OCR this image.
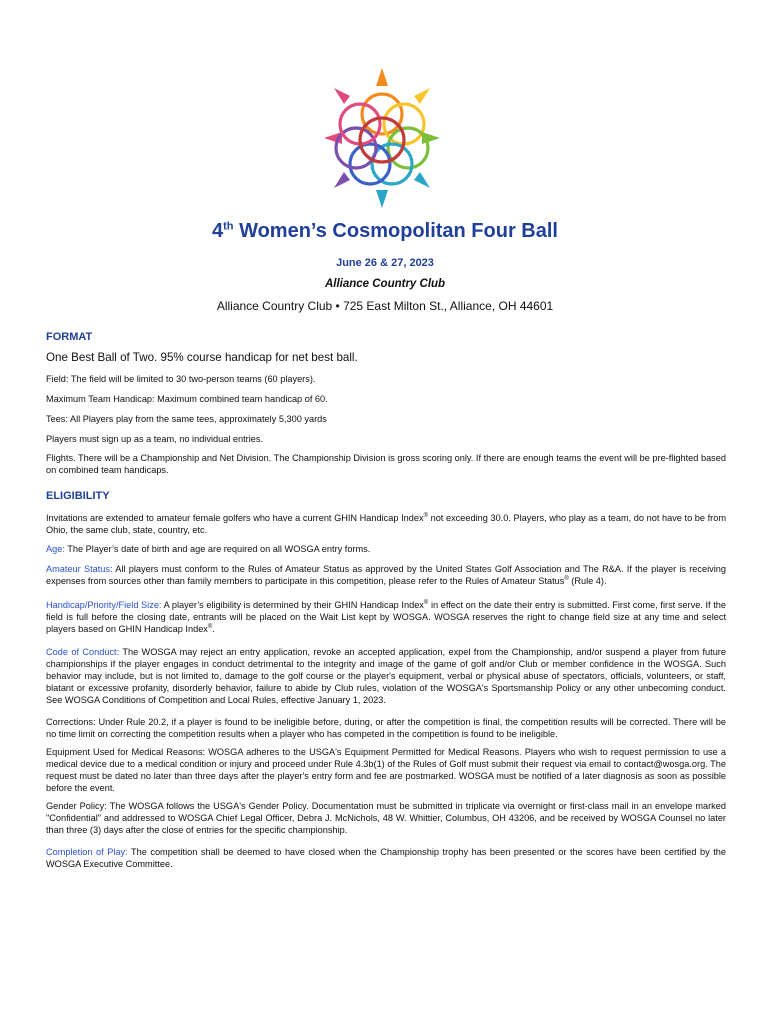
4th Women’s Cosmopolitan Four Ball
June 26 & 27, 2023
Alliance Country Club
Alliance Country Club • 725 East Milton St., Alliance, OH 44601
FORMAT
One Best Ball of Two. 95% course handicap for net best ball.
Field: The field will be limited to 30 two-person teams (60 players).
Maximum Team Handicap: Maximum combined team handicap of 60.
Tees: All Players play from the same tees, approximately 5,300 yards
Players must sign up as a team, no individual entries.
Flights. There will be a Championship and Net Division. The Championship Division is gross scoring only. If there are enough teams the event will be pre-flighted based on combined team handicaps.
ELIGIBILITY
Invitations are extended to amateur female golfers who have a current GHIN Handicap Index® not exceeding 30.0. Players, who play as a team, do not have to be from Ohio, the same club, state, country, etc.
Age: The Player’s date of birth and age are required on all WOSGA entry forms.
Amateur Status: All players must conform to the Rules of Amateur Status as approved by the United States Golf Association and The R&A. If the player is receiving expenses from sources other than family members to participate in this competition, please refer to the Rules of Amateur Status® (Rule 4).
Handicap/Priority/Field Size: A player’s eligibility is determined by their GHIN Handicap Index® in effect on the date their entry is submitted. First come, first serve. If the field is full before the closing date, entrants will be placed on the Wait List kept by WOSGA. WOSGA reserves the right to change field size at any time and select players based on GHIN Handicap Index®.
Code of Conduct: The WOSGA may reject an entry application, revoke an accepted application, expel from the Championship, and/or suspend a player from future championships if the player engages in conduct detrimental to the integrity and image of the game of golf and/or Club or member confidence in the WOSGA. Such behavior may include, but is not limited to, damage to the golf course or the player's equipment, verbal or physical abuse of spectators, officials, volunteers, or staff, blatant or excessive profanity, disorderly behavior, failure to abide by Club rules, violation of the WOSGA's Sportsmanship Policy or any other unbecoming conduct. See WOSGA Conditions of Competition and Local Rules, effective January 1, 2023.
Corrections: Under Rule 20.2, if a player is found to be ineligible before, during, or after the competition is final, the competition results will be corrected. There will be no time limit on correcting the competition results when a player who has competed in the competition is found to be ineligible.
Equipment Used for Medical Reasons: WOSGA adheres to the USGA's Equipment Permitted for Medical Reasons. Players who wish to request permission to use a medical device due to a medical condition or injury and proceed under Rule 4.3b(1) of the Rules of Golf must submit their request via email to contact@wosga.org. The request must be dated no later than three days after the player's entry form and fee are postmarked. WOSGA must be notified of a later diagnosis as soon as possible before the event.
Gender Policy: The WOSGA follows the USGA's Gender Policy. Documentation must be submitted in triplicate via overnight or first-class mail in an envelope marked "Confidential" and addressed to WOSGA Chief Legal Officer, Debra J. McNichols, 48 W. Whittier, Columbus, OH 43206, and be received by WOSGA Counsel no later than three (3) days after the close of entries for the specific championship.
Completion of Play: The competition shall be deemed to have closed when the Championship trophy has been presented or the scores have been certified by the WOSGA Executive Committee.
